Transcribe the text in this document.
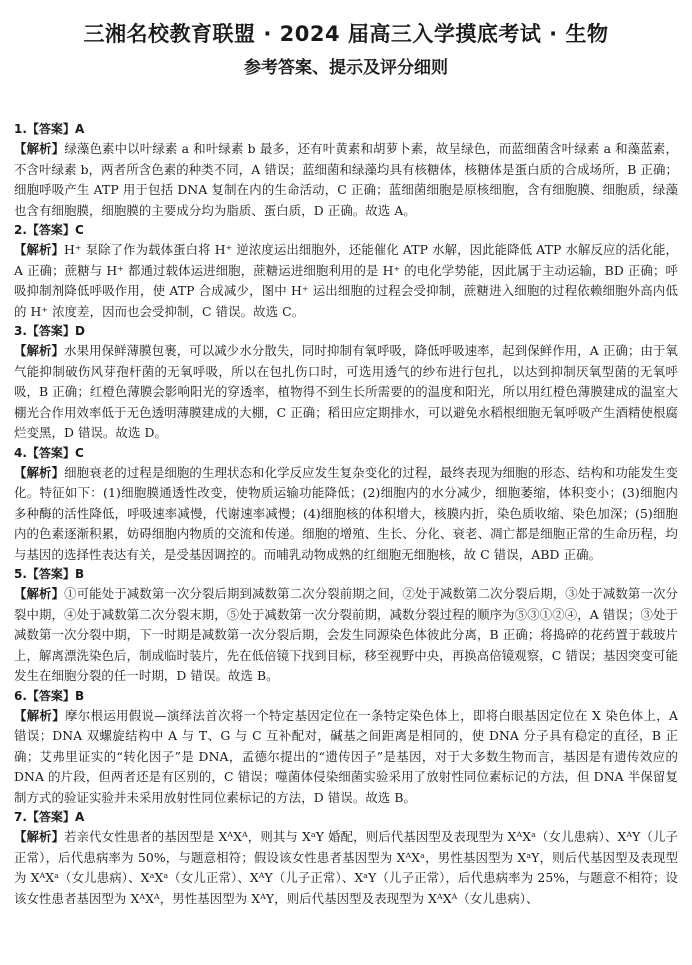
三湘名校教育联盟 · 2024 届高三入学摸底考试 · 生物
参考答案、提示及评分细则

1.【答案】A

【解析】绿藻色素中以叶绿素 a 和叶绿素 b 最多，还有叶黄素和胡萝卜素，故呈绿色，而蓝细菌含叶绿素 a 和藻蓝素，不含叶绿素 b，两者所含色素的种类不同，A 错误；蓝细菌和绿藻均具有核糖体，核糖体是蛋白质的合成场所，B 正确；细胞呼吸产生 ATP 用于包括 DNA 复制在内的生命活动，C 正确；蓝细菌细胞是原核细胞，含有细胞膜、细胞质，绿藻也含有细胞膜，细胞膜的主要成分均为脂质、蛋白质，D 正确。故选 A。

2.【答案】C

【解析】H⁺ 泵除了作为载体蛋白将 H⁺ 逆浓度运出细胞外，还能催化 ATP 水解，因此能降低 ATP 水解反应的活化能，A 正确；蔗糖与 H⁺ 都通过载体运进细胞，蔗糖运进细胞利用的是 H⁺ 的电化学势能，因此属于主动运输，BD 正确；呼吸抑制剂降低呼吸作用，使 ATP 合成减少，图中 H⁺ 运出细胞的过程会受抑制，蔗糖进入细胞的过程依赖细胞外高内低的 H⁺ 浓度差，因而也会受抑制，C 错误。故选 C。

3.【答案】D

【解析】水果用保鲜薄膜包裹，可以减少水分散失，同时抑制有氧呼吸，降低呼吸速率，起到保鲜作用，A 正确；由于氧气能抑制破伤风芽孢杆菌的无氧呼吸，所以在包扎伤口时，可选用透气的纱布进行包扎，以达到抑制厌氧型菌的无氧呼吸，B 正确；红橙色薄膜会影响阳光的穿透率，植物得不到生长所需要的的温度和阳光，所以用红橙色薄膜建成的温室大棚光合作用效率低于无色透明薄膜建成的大棚，C 正确；稻田应定期排水，可以避免水稻根细胞无氧呼吸产生酒精使根腐烂变黑，D 错误。故选 D。

4.【答案】C

【解析】细胞衰老的过程是细胞的生理状态和化学反应发生复杂变化的过程，最终表现为细胞的形态、结构和功能发生变化。特征如下：(1)细胞膜通透性改变，使物质运输功能降低；(2)细胞内的水分减少，细胞萎缩，体积变小；(3)细胞内多种酶的活性降低，呼吸速率减慢，代谢速率减慢；(4)细胞核的体积增大，核膜内折，染色质收缩、染色加深；(5)细胞内的色素逐渐积累，妨碍细胞内物质的交流和传递。细胞的增殖、生长、分化、衰老、凋亡都是细胞正常的生命历程，均与基因的选择性表达有关，是受基因调控的。而哺乳动物成熟的红细胞无细胞核，故 C 错误，ABD 正确。

5.【答案】B

【解析】①可能处于减数第一次分裂后期到减数第二次分裂前期之间，②处于减数第二次分裂后期，③处于减数第一次分裂中期，④处于减数第二次分裂末期，⑤处于减数第一次分裂前期，减数分裂过程的顺序为⑤③①②④，A 错误；③处于减数第一次分裂中期，下一时期是减数第一次分裂后期，会发生同源染色体彼此分离，B 正确；将捣碎的花药置于载玻片上，解离漂洗染色后，制成临时装片，先在低倍镜下找到目标，移至视野中央，再换高倍镜观察，C 错误；基因突变可能发生在细胞分裂的任一时期，D 错误。故选 B。

6.【答案】B

【解析】摩尔根运用假说—演绎法首次将一个特定基因定位在一条特定染色体上，即将白眼基因定位在 X 染色体上，A 错误；DNA 双螺旋结构中 A 与 T、G 与 C 互补配对，碱基之间距离是相同的，使 DNA 分子具有稳定的直径，B 正确；艾弗里证实的“转化因子”是 DNA，孟德尔提出的“遗传因子”是基因，对于大多数生物而言，基因是有遗传效应的 DNA 的片段，但两者还是有区别的，C 错误；噬菌体侵染细菌实验采用了放射性同位素标记的方法，但 DNA 半保留复制方式的验证实验并未采用放射性同位素标记的方法，D 错误。故选 B。

7.【答案】A

【解析】若亲代女性患者的基因型是 XᴬXᴬ，则其与 XᵃY 婚配，则后代基因型及表现型为 XᴬXᵃ（女儿患病）、XᴬY（儿子正常），后代患病率为 50%，与题意相符；假设该女性患者基因型为 XᴬXᵃ，男性基因型为 XᵃY，则后代基因型及表现型为 XᴬXᵃ（女儿患病）、XᵃXᵃ（女儿正常）、XᴬY（儿子正常）、XᵃY（儿子正常），后代患病率为 25%，与题意不相符；设该女性患者基因型为 XᴬXᴬ，男性基因型为 XᴬY，则后代基因型及表现型为 XᴬXᴬ（女儿患病）、
